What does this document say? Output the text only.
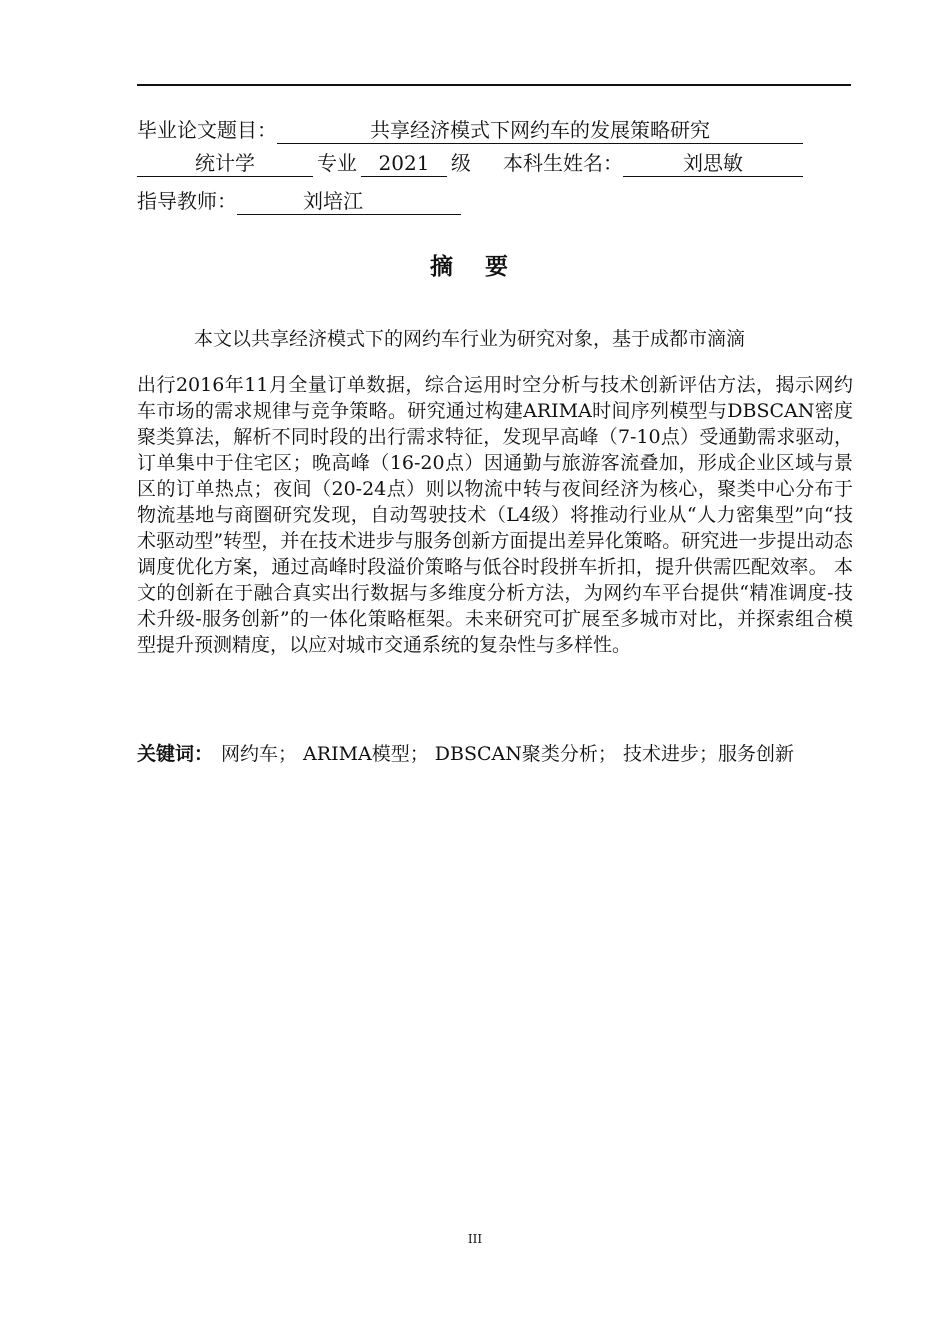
毕业论文题目：	共享经济模式下网约车的发展策略研究
统计学	专业 2021 级 本科生姓名：	刘思敏
指导教师：	刘培江
摘 要
本文以共享经济模式下的网约车行业为研究对象，基于成都市滴滴
出行2016年11月全量订单数据，综合运用时空分析与技术创新评估方法，揭示网约车市场的需求规律与竞争策略。研究通过构建ARIMA时间序列模型与DBSCAN密度聚类算法，解析不同时段的出行需求特征，发现早高峰（7-10点）受通勤需求驱动，订单集中于住宅区；晚高峰（16-20点）因通勤与旅游客流叠加，形成企业区域与景区的订单热点；夜间（20-24点）则以物流中转与夜间经济为核心，聚类中心分布于物流基地与商圈研究发现，自动驾驶技术（L4级）将推动行业从“人力密集型”向“技术驱动型”转型，并在技术进步与服务创新方面提出差异化策略。研究进一步提出动态调度优化方案，通过高峰时段溢价策略与低谷时段拼车折扣，提升供需匹配效率。 本文的创新在于融合真实出行数据与多维度分析方法，为网约车平台提供“精准调度-技术升级-服务创新”的一体化策略框架。未来研究可扩展至多城市对比，并探索组合模型提升预测精度，以应对城市交通系统的复杂性与多样性。
关键词： 网约车； ARIMA模型； DBSCAN聚类分析； 技术进步；服务创新
III
